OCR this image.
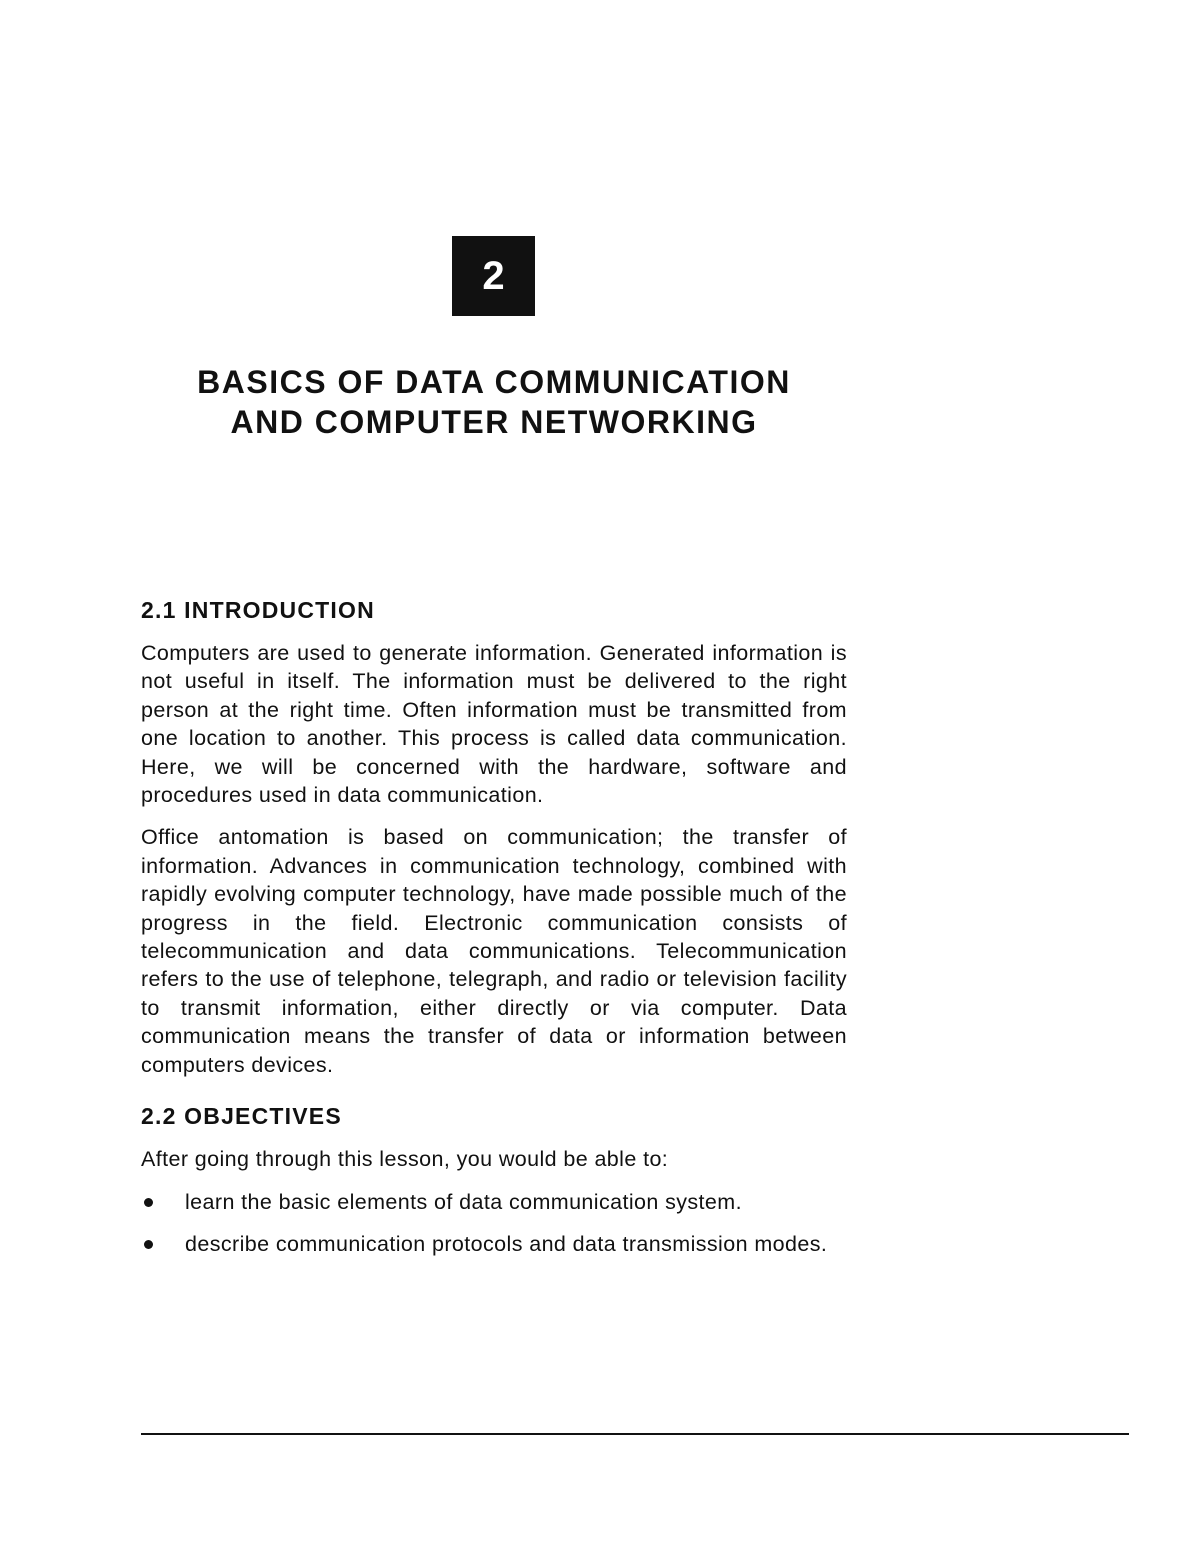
2
BASICS OF DATA COMMUNICATION
AND COMPUTER NETWORKING
2.1 INTRODUCTION

Computers are used to generate information. Generated information is not useful in itself. The information must be delivered to the right person at the right time. Often information must be transmitted from one location to another. This process is called data communication. Here, we will be concerned with the hardware, software and procedures used in data communication.

Office antomation is based on communication; the transfer of information. Advances in communication technology, combined with rapidly evolving computer technology, have made possible much of the progress in the field. Electronic communication consists of telecommunication and data communications. Telecommunication refers to the use of telephone, telegraph, and radio or television facility to transmit information, either directly or via computer. Data communication means the transfer of data or information between computers devices.

2.2 OBJECTIVES

After going through this lesson, you would be able to:

learn the basic elements of data communication system.
describe communication protocols and data transmission modes.
